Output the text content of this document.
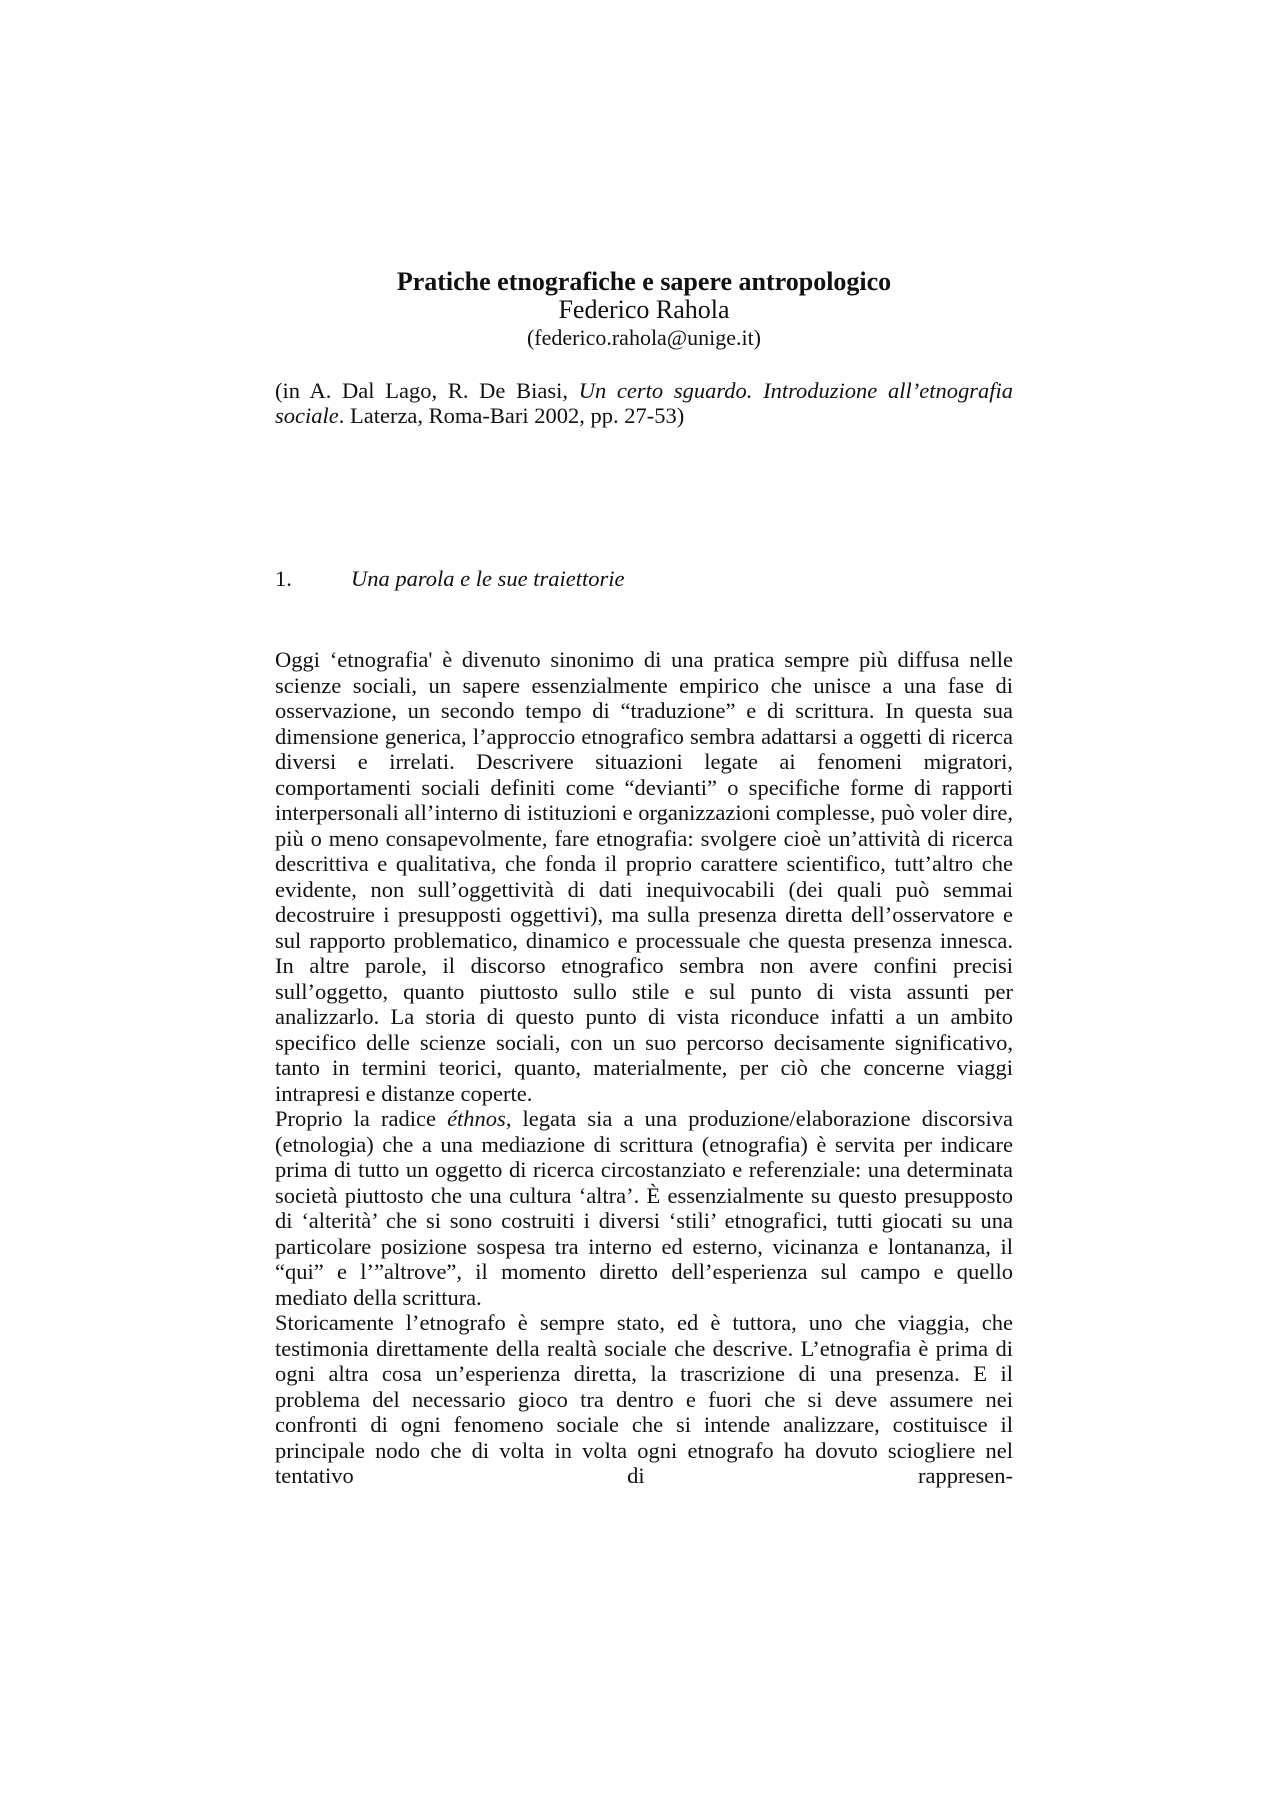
Pratiche etnografiche e sapere antropologico
Federico Rahola
(federico.rahola@unige.it)
(in A. Dal Lago, R. De Biasi, Un certo sguardo. Introduzione all’etnografia sociale. Laterza, Roma-Bari 2002, pp. 27-53)
1.	Una parola e le sue traiettorie

Oggi ‘etnografia' è divenuto sinonimo di una pratica sempre più diffusa nelle scienze sociali, un sapere essenzialmente empirico che unisce a una fase di osservazione, un secondo tempo di “traduzione” e di scrittura. In questa sua dimensione generica, l’approccio etnografico sembra adattarsi a oggetti di ricerca diversi e irrelati. Descrivere situazioni legate ai fenomeni migratori, comportamenti sociali definiti come “devianti” o specifiche forme di rapporti interpersonali all’interno di istituzioni e organizzazioni complesse, può voler dire, più o meno consapevolmente, fare etnografia: svolgere cioè un’attività di ricerca descrittiva e qualitativa, che fonda il proprio carattere scientifico, tutt’altro che evidente, non sull’oggettività di dati inequivocabili (dei quali può semmai decostruire i presupposti oggettivi), ma sulla presenza diretta dell’osservatore e sul rapporto problematico, dinamico e processuale che questa presenza innesca. In altre parole, il discorso etnografico sembra non avere confini precisi sull’oggetto, quanto piuttosto sullo stile e sul punto di vista assunti per analizzarlo. La storia di questo punto di vista riconduce infatti a un ambito specifico delle scienze sociali, con un suo percorso decisamente significativo, tanto in termini teorici, quanto, materialmente, per ciò che concerne viaggi intrapresi e distanze coperte.

Proprio la radice éthnos, legata sia a una produzione/elaborazione discorsiva (etnologia) che a una mediazione di scrittura (etnografia) è servita per indicare prima di tutto un oggetto di ricerca circostanziato e referenziale: una determinata società piuttosto che una cultura ‘altra’. È essenzialmente su questo presupposto di ‘alterità’ che si sono costruiti i diversi ‘stili’ etnografici, tutti giocati su una particolare posizione sospesa tra interno ed esterno, vicinanza e lontananza, il “qui” e l’”altrove”, il momento diretto dell’esperienza sul campo e quello mediato della scrittura.

Storicamente l’etnografo è sempre stato, ed è tuttora, uno che viaggia, che testimonia direttamente della realtà sociale che descrive. L’etnografia è prima di ogni altra cosa un’esperienza diretta, la trascrizione di una presenza. E il problema del necessario gioco tra dentro e fuori che si deve assumere nei confronti di ogni fenomeno sociale che si intende analizzare, costituisce il principale nodo che di volta in volta ogni etnografo ha dovuto sciogliere nel tentativo di rappresen-
